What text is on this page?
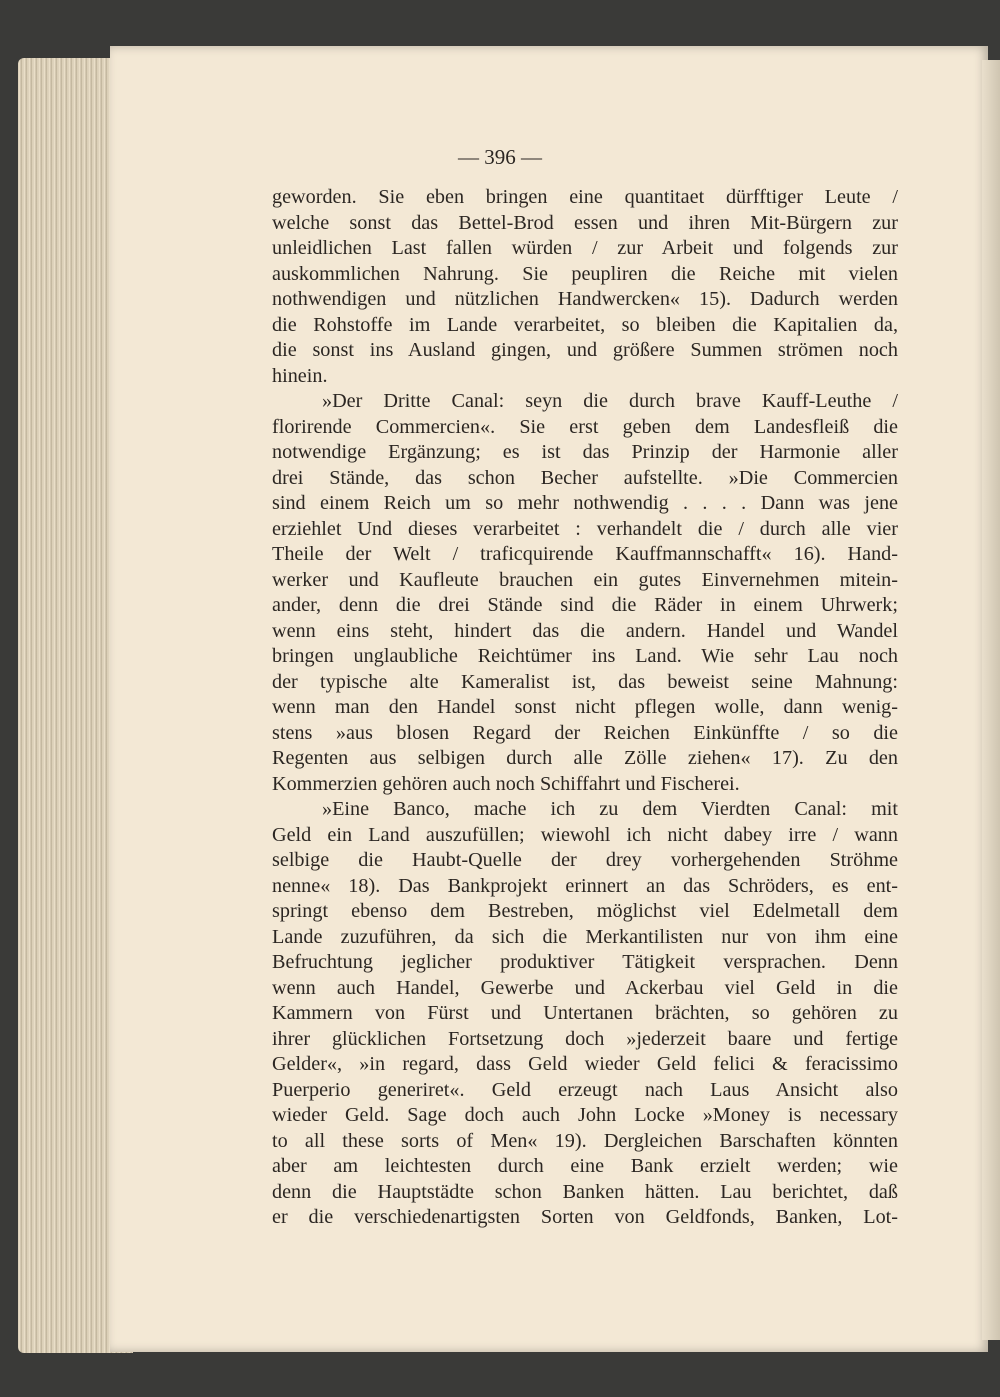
— 396 —
geworden. Sie eben bringen eine quantitaet dürfftiger Leute /
welche sonst das Bettel-Brod essen und ihren Mit-Bürgern zur
unleidlichen Last fallen würden / zur Arbeit und folgends zur
auskommlichen Nahrung. Sie peupliren die Reiche mit vielen
nothwendigen und nützlichen Handwercken« 15). Dadurch werden
die Rohstoffe im Lande verarbeitet, so bleiben die Kapitalien da,
die sonst ins Ausland gingen, und größere Summen strömen noch
hinein.
»Der Dritte Canal: seyn die durch brave Kauff-Leuthe /
florirende Commercien«. Sie erst geben dem Landesfleiß die
notwendige Ergänzung; es ist das Prinzip der Harmonie aller
drei Stände, das schon Becher aufstellte. »Die Commercien
sind einem Reich um so mehr nothwendig . . . . Dann was jene
erziehlet Und dieses verarbeitet : verhandelt die / durch alle vier
Theile der Welt / traficquirende Kauffmannschafft« 16). Hand-
werker und Kaufleute brauchen ein gutes Einvernehmen mitein-
ander, denn die drei Stände sind die Räder in einem Uhrwerk;
wenn eins steht, hindert das die andern. Handel und Wandel
bringen unglaubliche Reichtümer ins Land. Wie sehr Lau noch
der typische alte Kameralist ist, das beweist seine Mahnung:
wenn man den Handel sonst nicht pflegen wolle, dann wenig-
stens »aus blosen Regard der Reichen Einkünffte / so die
Regenten aus selbigen durch alle Zölle ziehen« 17). Zu den
Kommerzien gehören auch noch Schiffahrt und Fischerei.
»Eine Banco, mache ich zu dem Vierdten Canal: mit
Geld ein Land auszufüllen; wiewohl ich nicht dabey irre / wann
selbige die Haubt-Quelle der drey vorhergehenden Ströhme
nenne« 18). Das Bankprojekt erinnert an das Schröders, es ent-
springt ebenso dem Bestreben, möglichst viel Edelmetall dem
Lande zuzuführen, da sich die Merkantilisten nur von ihm eine
Befruchtung jeglicher produktiver Tätigkeit versprachen. Denn
wenn auch Handel, Gewerbe und Ackerbau viel Geld in die
Kammern von Fürst und Untertanen brächten, so gehören zu
ihrer glücklichen Fortsetzung doch »jederzeit baare und fertige
Gelder«, »in regard, dass Geld wieder Geld felici & feracissimo
Puerperio generiret«. Geld erzeugt nach Laus Ansicht also
wieder Geld. Sage doch auch John Locke »Money is necessary
to all these sorts of Men« 19). Dergleichen Barschaften könnten
aber am leichtesten durch eine Bank erzielt werden; wie
denn die Hauptstädte schon Banken hätten. Lau berichtet, daß
er die verschiedenartigsten Sorten von Geldfonds, Banken, Lot-
